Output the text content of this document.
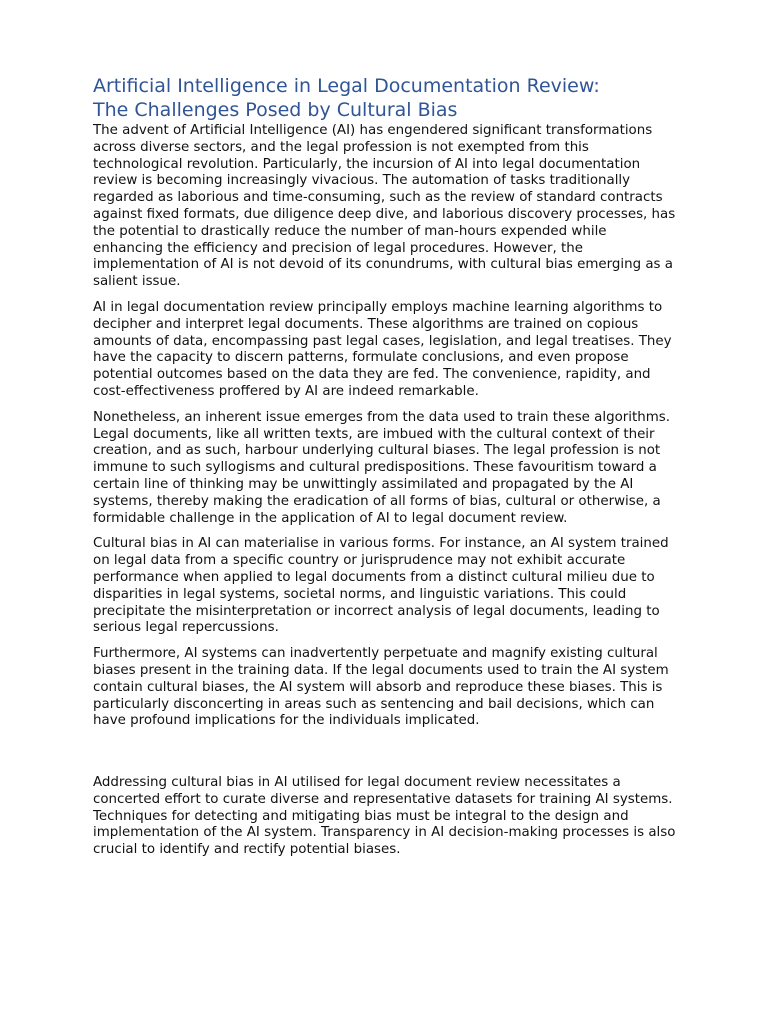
Artificial Intelligence in Legal Documentation Review:
The Challenges Posed by Cultural Bias

The advent of Artificial Intelligence (AI) has engendered significant transformations across diverse sectors, and the legal profession is not exempted from this technological revolution. Particularly, the incursion of AI into legal documentation review is becoming increasingly vivacious. The automation of tasks traditionally regarded as laborious and time-consuming, such as the review of standard contracts against fixed formats, due diligence deep dive, and laborious discovery processes, has the potential to drastically reduce the number of man-hours expended while enhancing the efficiency and precision of legal procedures. However, the implementation of AI is not devoid of its conundrums, with cultural bias emerging as a salient issue.

AI in legal documentation review principally employs machine learning algorithms to decipher and interpret legal documents. These algorithms are trained on copious amounts of data, encompassing past legal cases, legislation, and legal treatises. They have the capacity to discern patterns, formulate conclusions, and even propose potential outcomes based on the data they are fed. The convenience, rapidity, and cost-effectiveness proffered by AI are indeed remarkable.

Nonetheless, an inherent issue emerges from the data used to train these algorithms. Legal documents, like all written texts, are imbued with the cultural context of their creation, and as such, harbour underlying cultural biases. The legal profession is not immune to such syllogisms and cultural predispositions. These favouritism toward a certain line of thinking may be unwittingly assimilated and propagated by the AI systems, thereby making the eradication of all forms of bias, cultural or otherwise, a formidable challenge in the application of AI to legal document review.

Cultural bias in AI can materialise in various forms. For instance, an AI system trained on legal data from a specific country or jurisprudence may not exhibit accurate performance when applied to legal documents from a distinct cultural milieu due to disparities in legal systems, societal norms, and linguistic variations. This could precipitate the misinterpretation or incorrect analysis of legal documents, leading to serious legal repercussions.

Furthermore, AI systems can inadvertently perpetuate and magnify existing cultural biases present in the training data. If the legal documents used to train the AI system contain cultural biases, the AI system will absorb and reproduce these biases. This is particularly disconcerting in areas such as sentencing and bail decisions, which can have profound implications for the individuals implicated.

Addressing cultural bias in AI utilised for legal document review necessitates a concerted effort to curate diverse and representative datasets for training AI systems. Techniques for detecting and mitigating bias must be integral to the design and implementation of the AI system. Transparency in AI decision-making processes is also crucial to identify and rectify potential biases.
